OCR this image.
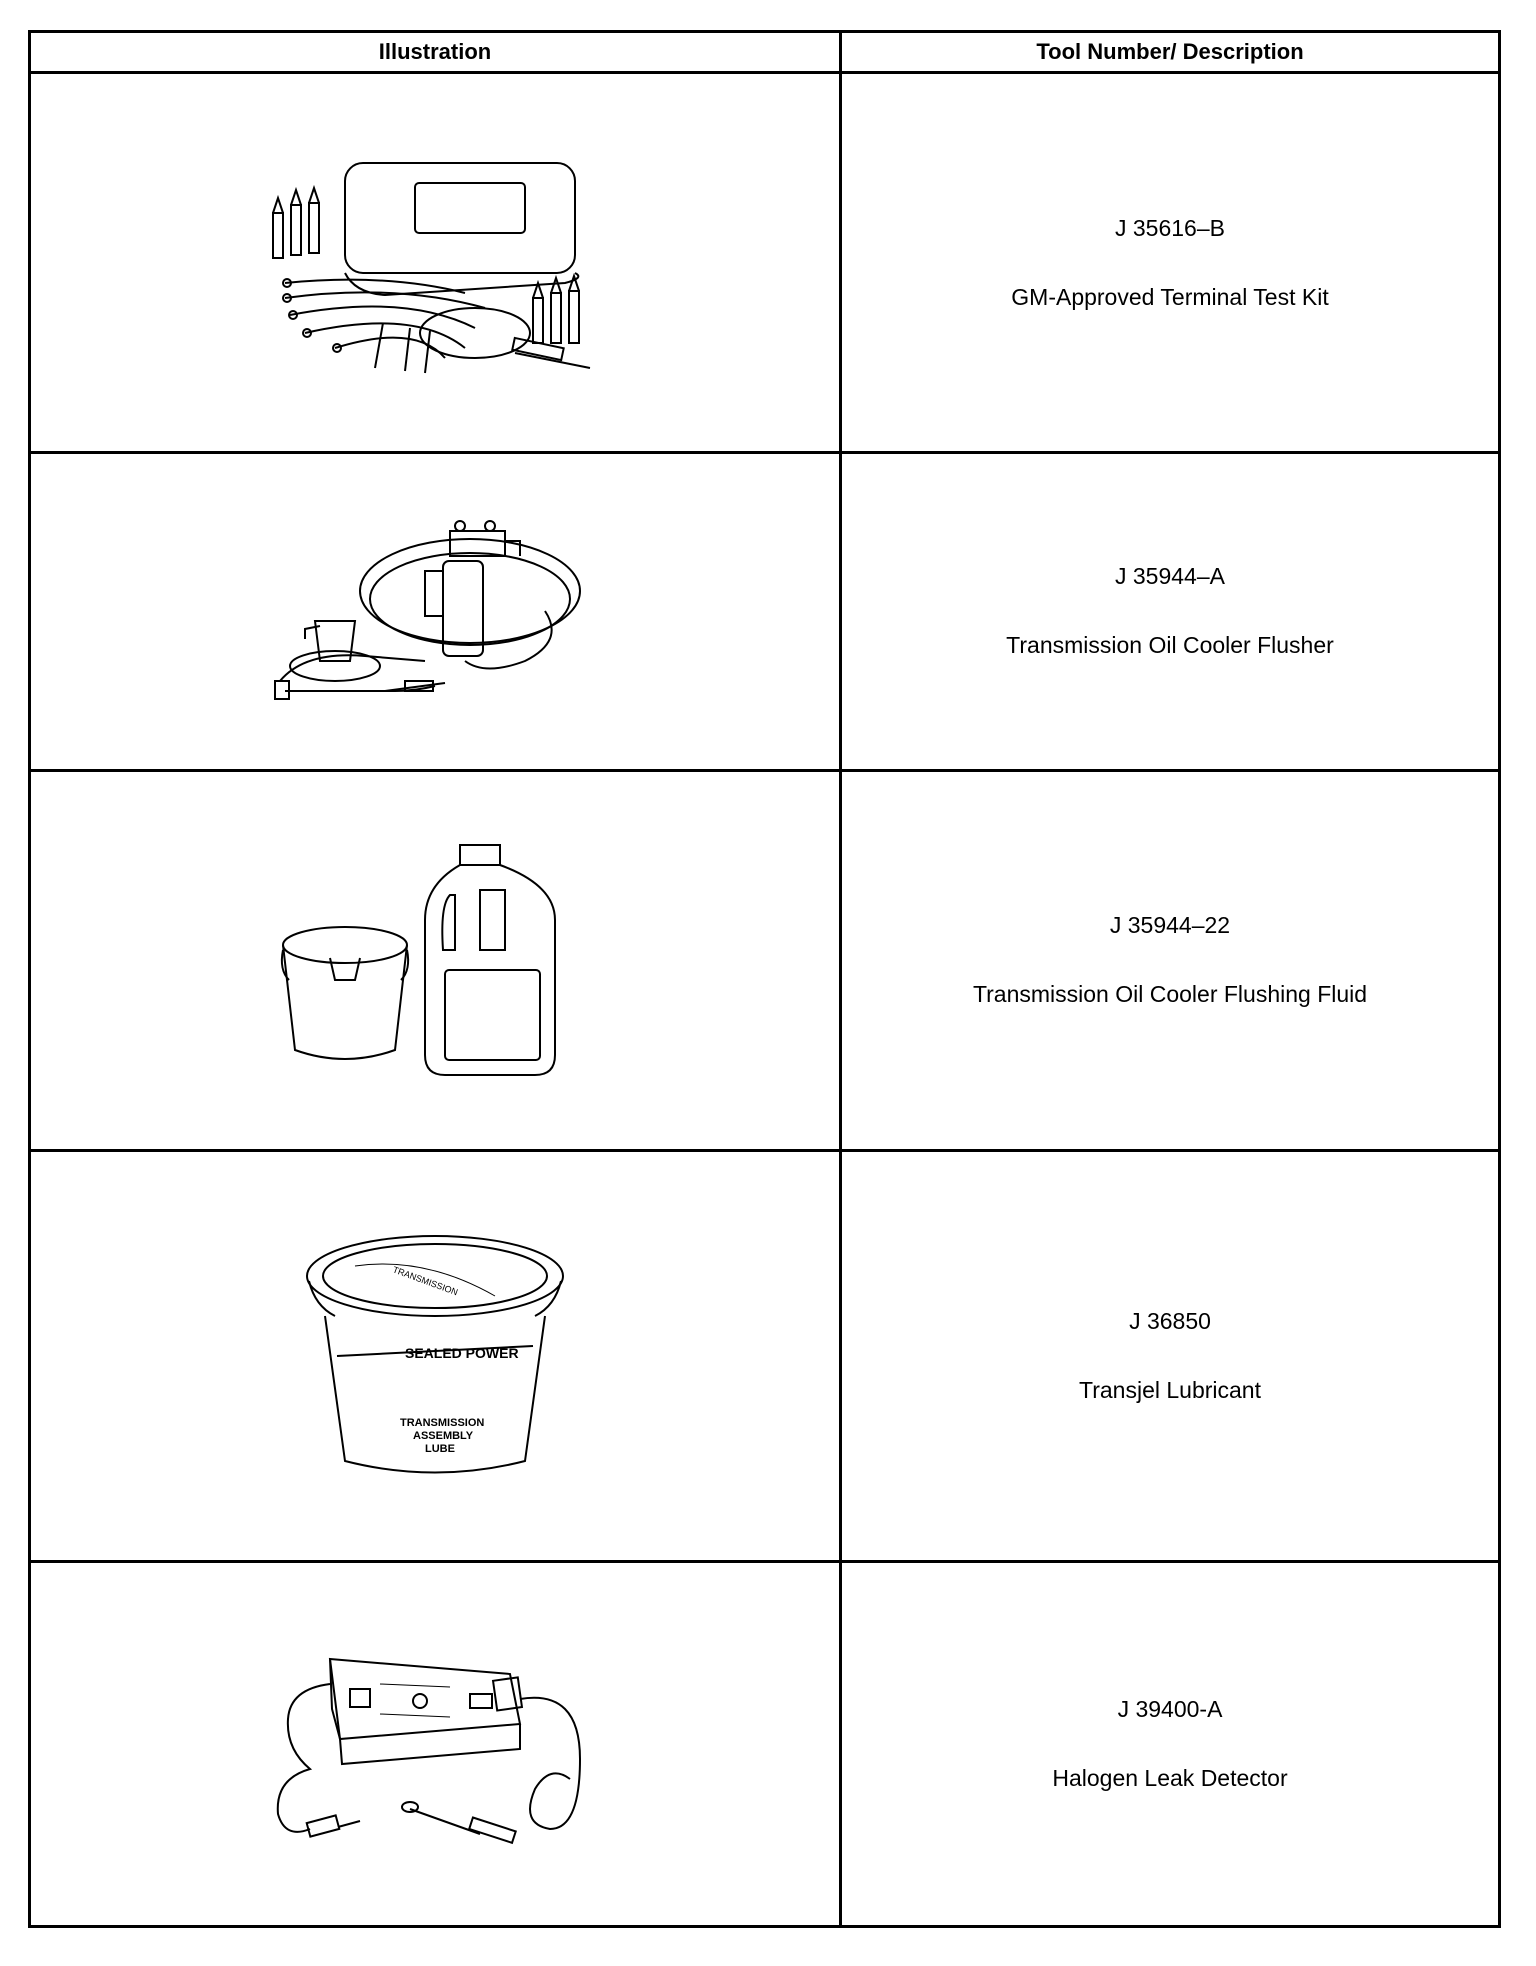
Illustration	Tool Number/ Description

J 35616–B
GM-Approved Terminal Test Kit

J 35944–A
Transmission Oil Cooler Flusher

J 35944–22
Transmission Oil Cooler Flushing Fluid

TRANSMISSION
SEALED POWER
TRANSMISSION
ASSEMBLY
LUBE	J 36850
Transjel Lubricant

J 39400-A
Halogen Leak Detector
